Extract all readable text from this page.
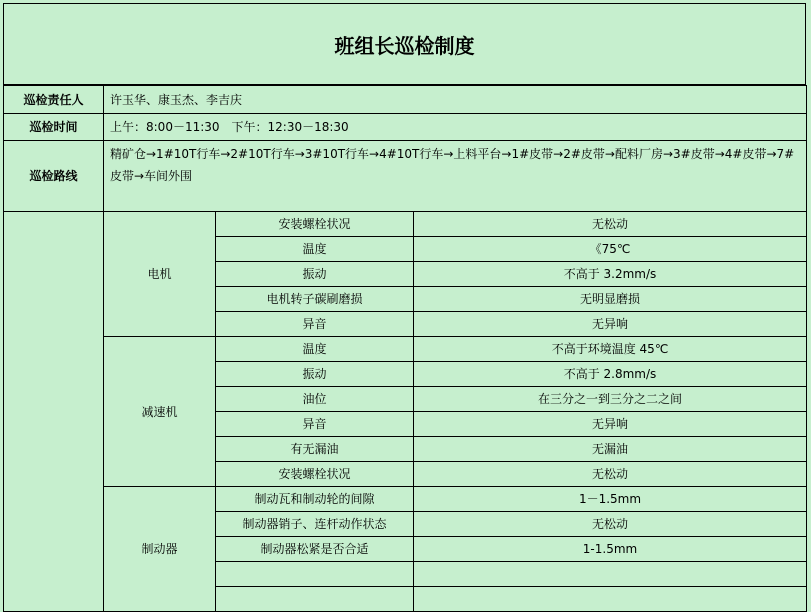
班组长巡检制度
巡检责任人	许玉华、康玉杰、李吉庆		
巡检时间	上午：8:00－11:30　下午：12:30－18:30		
巡检路线	精矿仓→1#10T行车→2#10T行车→3#10T行车→4#10T行车→上料平台→1#皮带→2#皮带→配料厂房→3#皮带→4#皮带→7#皮带→车间外围		
	电机	安装螺栓状况	无松动
		温度	《75℃
		振动	不高于 3.2mm/s
		电机转子碳刷磨损	无明显磨损
		异音	无异响
	减速机	温度	不高于环境温度 45℃
		振动	不高于 2.8mm/s
		油位	在三分之一到三分之二之间
		异音	无异响
		有无漏油	无漏油
		安装螺栓状况	无松动
	制动器	制动瓦和制动轮的间隙	1－1.5mm
		制动器销子、连杆动作状态	无松动
		制动器松紧是否合适	1-1.5mm
